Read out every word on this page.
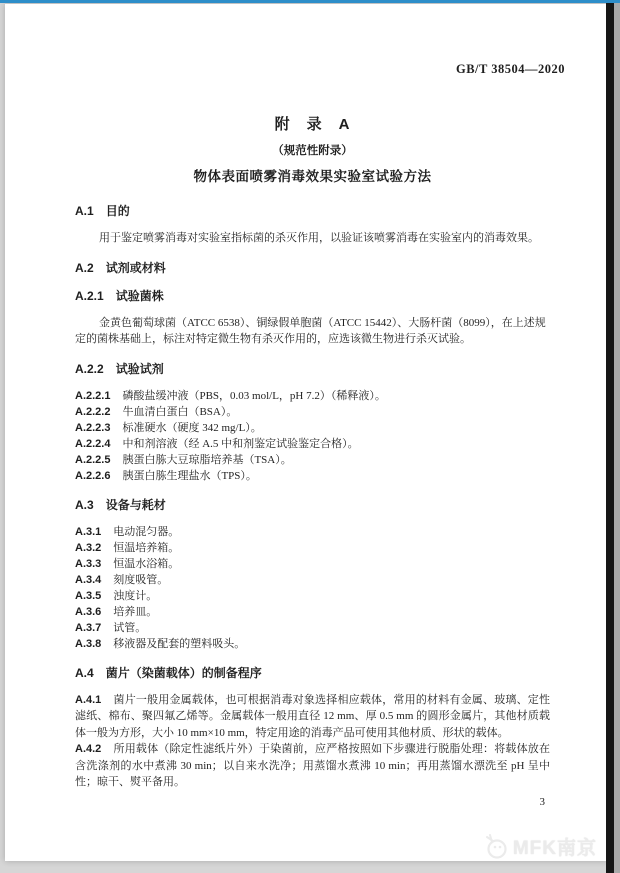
GB/T 38504—2020
附　录　A
（规范性附录）
物体表面喷雾消毒效果实验室试验方法
A.1 目的
用于鉴定喷雾消毒对实验室指标菌的杀灭作用，以验证该喷雾消毒在实验室内的消毒效果。
A.2 试剂或材料
A.2.1 试验菌株
金黄色葡萄球菌（ATCC 6538）、铜绿假单胞菌（ATCC 15442）、大肠杆菌（8099），在上述规定的菌株基础上，标注对特定微生物有杀灭作用的，应选该微生物进行杀灭试验。
A.2.2 试验试剂
A.2.2.1 磷酸盐缓冲液（PBS，0.03 mol/L，pH 7.2）（稀释液）。
A.2.2.2 牛血清白蛋白（BSA）。
A.2.2.3 标准硬水（硬度 342 mg/L）。
A.2.2.4 中和剂溶液（经 A.5 中和剂鉴定试验鉴定合格）。
A.2.2.5 胰蛋白胨大豆琼脂培养基（TSA）。
A.2.2.6 胰蛋白胨生理盐水（TPS）。
A.3 设备与耗材
A.3.1 电动混匀器。
A.3.2 恒温培养箱。
A.3.3 恒温水浴箱。
A.3.4 刻度吸管。
A.3.5 浊度计。
A.3.6 培养皿。
A.3.7 试管。
A.3.8 移液器及配套的塑料吸头。
A.4 菌片（染菌载体）的制备程序
A.4.1 菌片一般用金属载体，也可根据消毒对象选择相应载体，常用的材料有金属、玻璃、定性滤纸、棉布、聚四氟乙烯等。金属载体一般用直径 12 mm、厚 0.5 mm 的圆形金属片，其他材质载体一般为方形，大小 10 mm×10 mm，特定用途的消毒产品可使用其他材质、形状的载体。
A.4.2 所用载体（除定性滤纸片外）于染菌前，应严格按照如下步骤进行脱脂处理：将载体放在含洗涤剂的水中煮沸 30 min；以自来水洗净；用蒸馏水煮沸 10 min；再用蒸馏水漂洗至 pH 呈中性；晾干、熨平备用。
3
MFK南京
